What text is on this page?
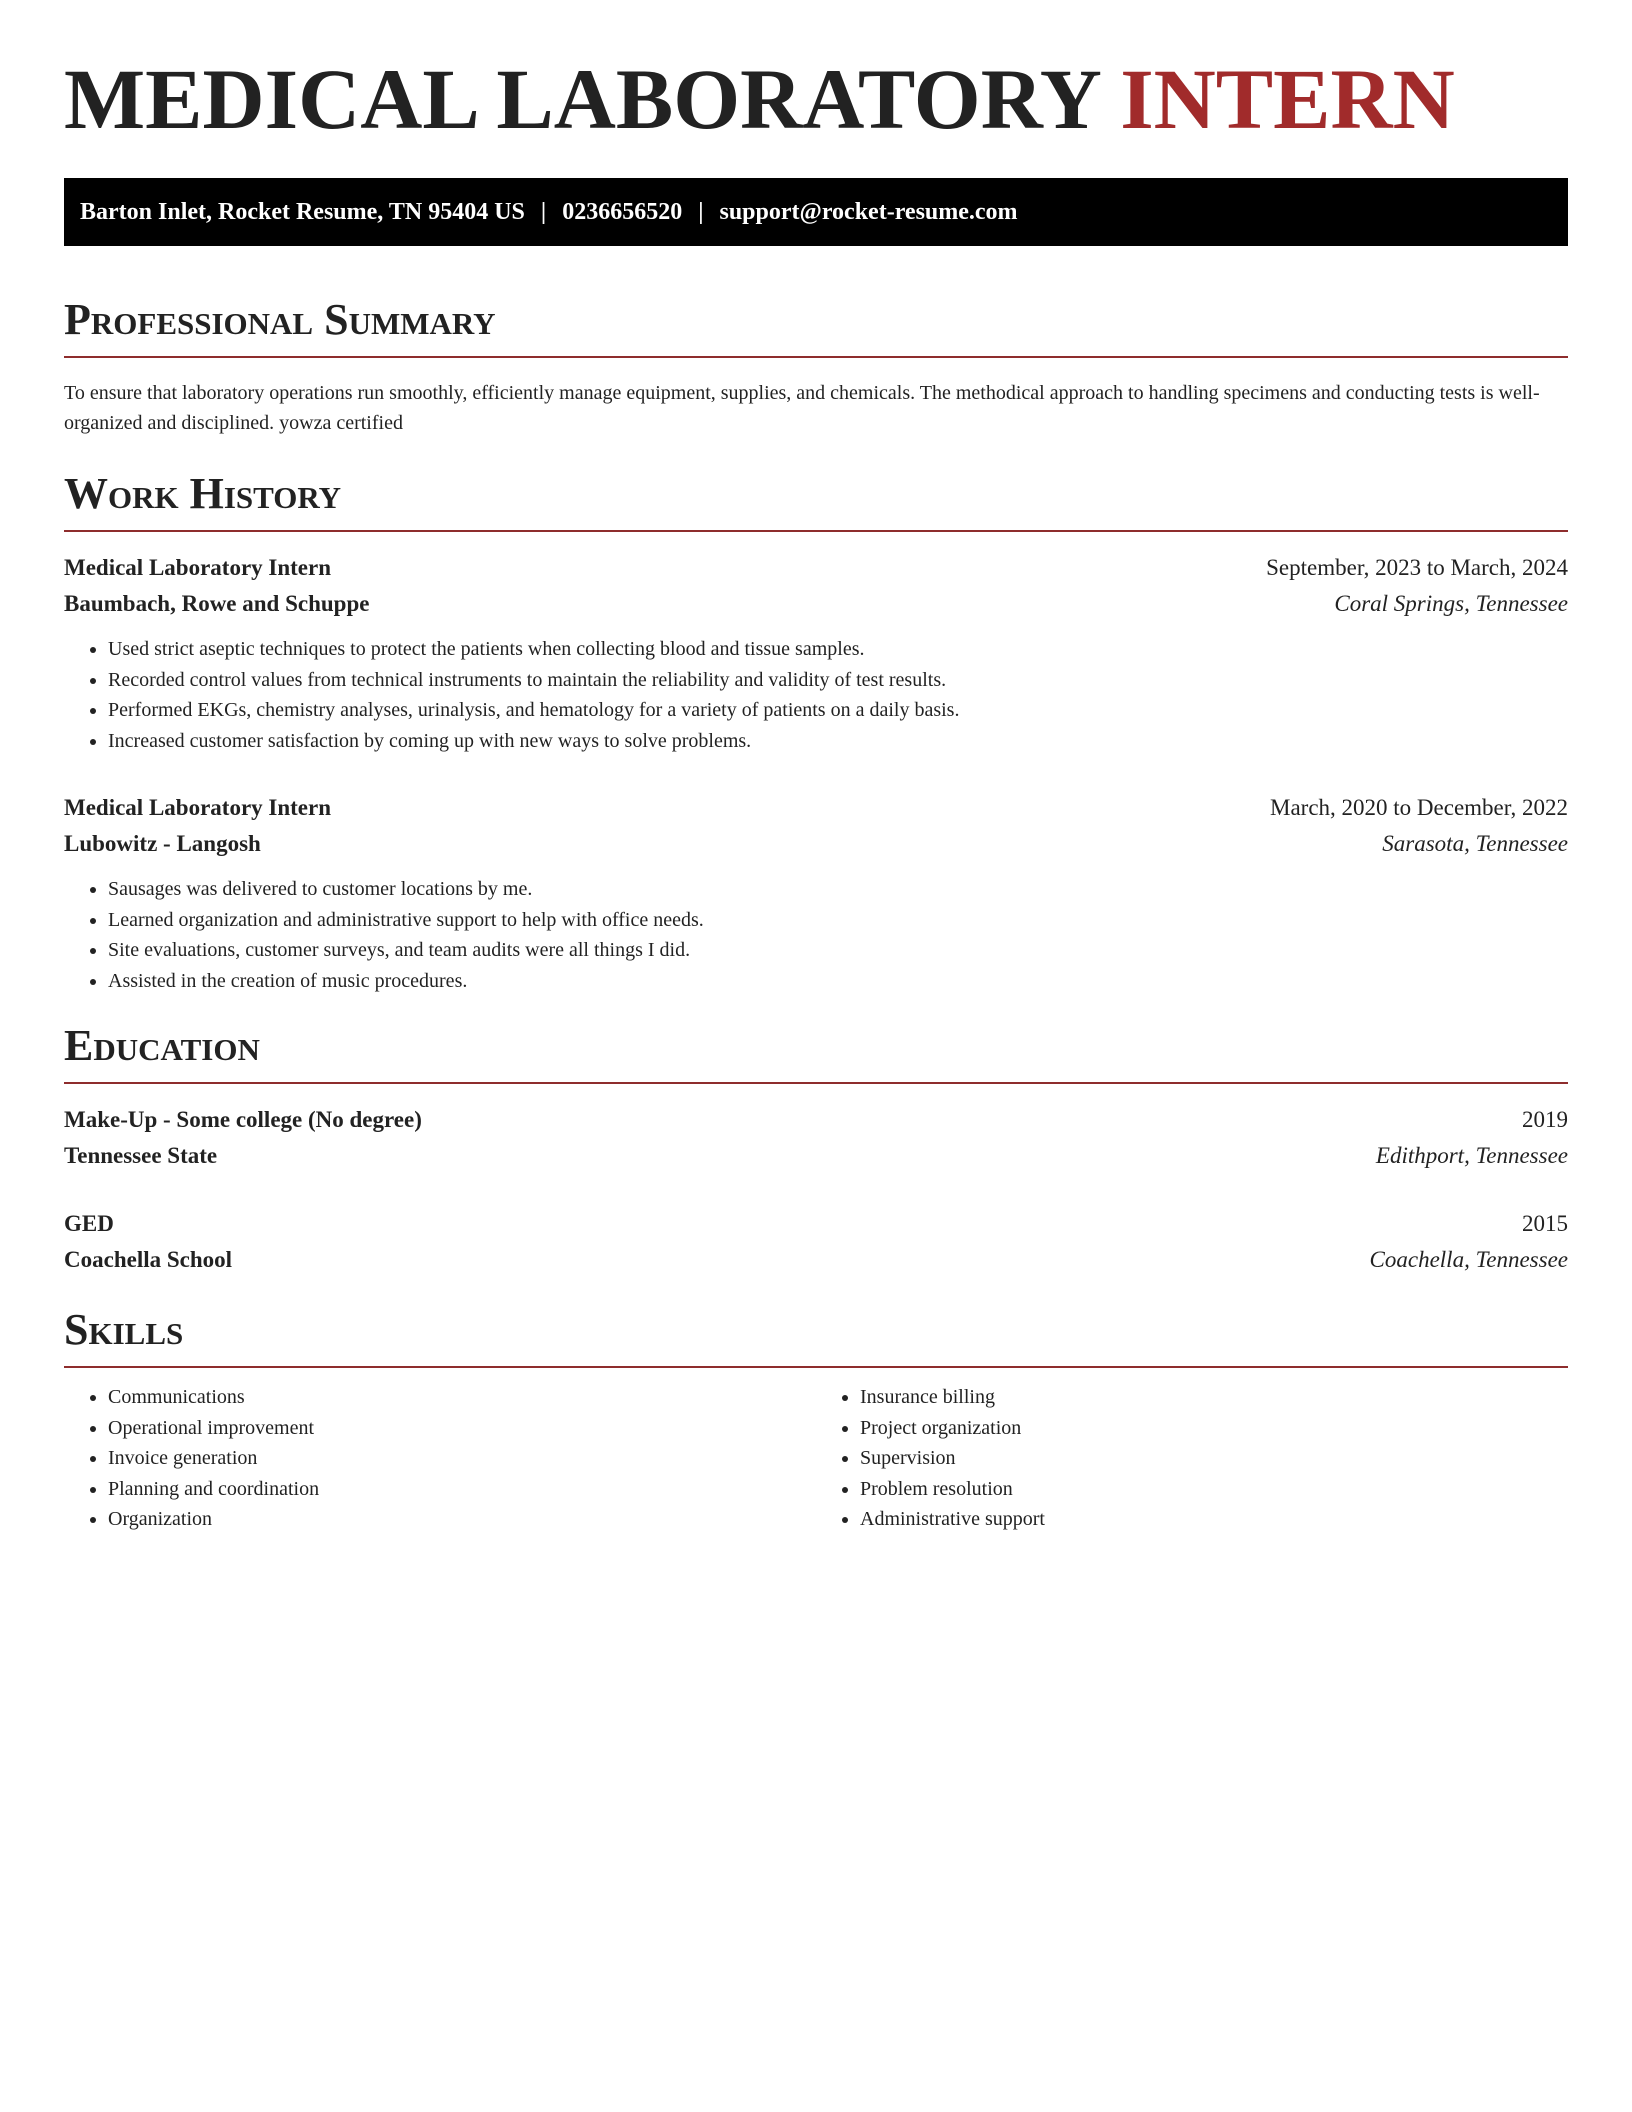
MEDICAL LABORATORY INTERN
Barton Inlet, Rocket Resume, TN 95404 US | 0236656520 | support@rocket-resume.com
Professional Summary

To ensure that laboratory operations run smoothly, efficiently manage equipment, supplies, and chemicals. The methodical approach to handling specimens and conducting tests is well-organized and disciplined. yowza certified

Work History
Medical Laboratory Intern	September, 2023 to March, 2024
Baumbach, Rowe and Schuppe	Coral Springs, Tennessee
• Used strict aseptic techniques to protect the patients when collecting blood and tissue samples.
• Recorded control values from technical instruments to maintain the reliability and validity of test results.
• Performed EKGs, chemistry analyses, urinalysis, and hematology for a variety of patients on a daily basis.
• Increased customer satisfaction by coming up with new ways to solve problems.
Medical Laboratory Intern	March, 2020 to December, 2022
Lubowitz - Langosh	Sarasota, Tennessee
• Sausages was delivered to customer locations by me.
• Learned organization and administrative support to help with office needs.
• Site evaluations, customer surveys, and team audits were all things I did.
• Assisted in the creation of music procedures.
Education
Make-Up - Some college (No degree)	2019
Tennessee State	Edithport, Tennessee
GED	2015
Coachella School	Coachella, Tennessee
Skills
• Communications
• Operational improvement
• Invoice generation
• Planning and coordination
• Organization
• Insurance billing
• Project organization
• Supervision
• Problem resolution
• Administrative support
